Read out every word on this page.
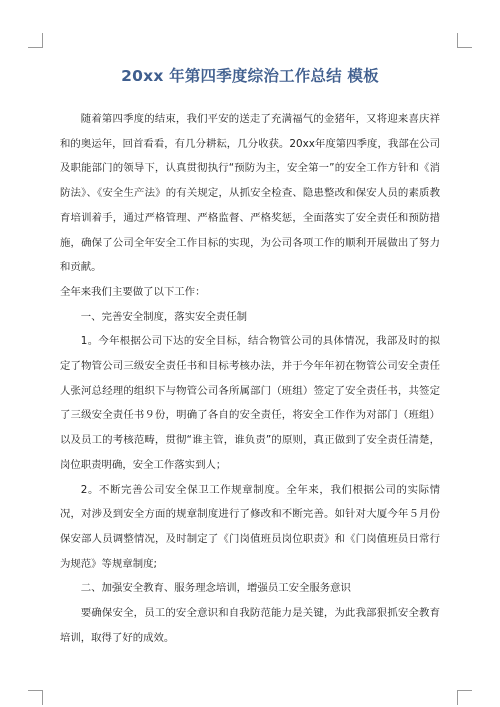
20xx 年第四季度综治工作总结 模板

随着第四季度的结束，我们平安的送走了充满福气的金猪年，又将迎来喜庆祥和的奥运年，回首看看，有几分耕耘，几分收获。20xx年度第四季度，我部在公司及职能部门的领导下，认真贯彻执行“预防为主，安全第一”的安全工作方针和《消防法》、《安全生产法》的有关规定，从抓安全检查、隐患整改和保安人员的素质教育培训着手，通过严格管理、严格监督、严格奖惩，全面落实了安全责任和预防措施，确保了公司全年安全工作目标的实现，为公司各项工作的顺利开展做出了努力和贡献。

全年来我们主要做了以下工作：

一、完善安全制度，落实安全责任制

1。今年根据公司下达的安全目标，结合物管公司的具体情况，我部及时的拟定了物管公司三级安全责任书和目标考核办法，并于今年年初在物管公司安全责任人张河总经理的组织下与物管公司各所属部门（班组）签定了安全责任书，共签定了三级安全责任书９份，明确了各自的安全责任，将安全工作作为对部门（班组）以及员工的考核范畴，贯彻“谁主管，谁负责”的原则，真正做到了安全责任清楚，岗位职责明确，安全工作落实到人；

2。不断完善公司安全保卫工作规章制度。全年来，我们根据公司的实际情况，对涉及到安全方面的规章制度进行了修改和不断完善。如针对大厦今年５月份保安部人员调整情况，及时制定了《门岗值班员岗位职责》和《门岗值班员日常行为规范》等规章制度;

二、加强安全教育、服务理念培训，增强员工安全服务意识

要确保安全，员工的安全意识和自我防范能力是关键，为此我部狠抓安全教育培训，取得了好的成效。
